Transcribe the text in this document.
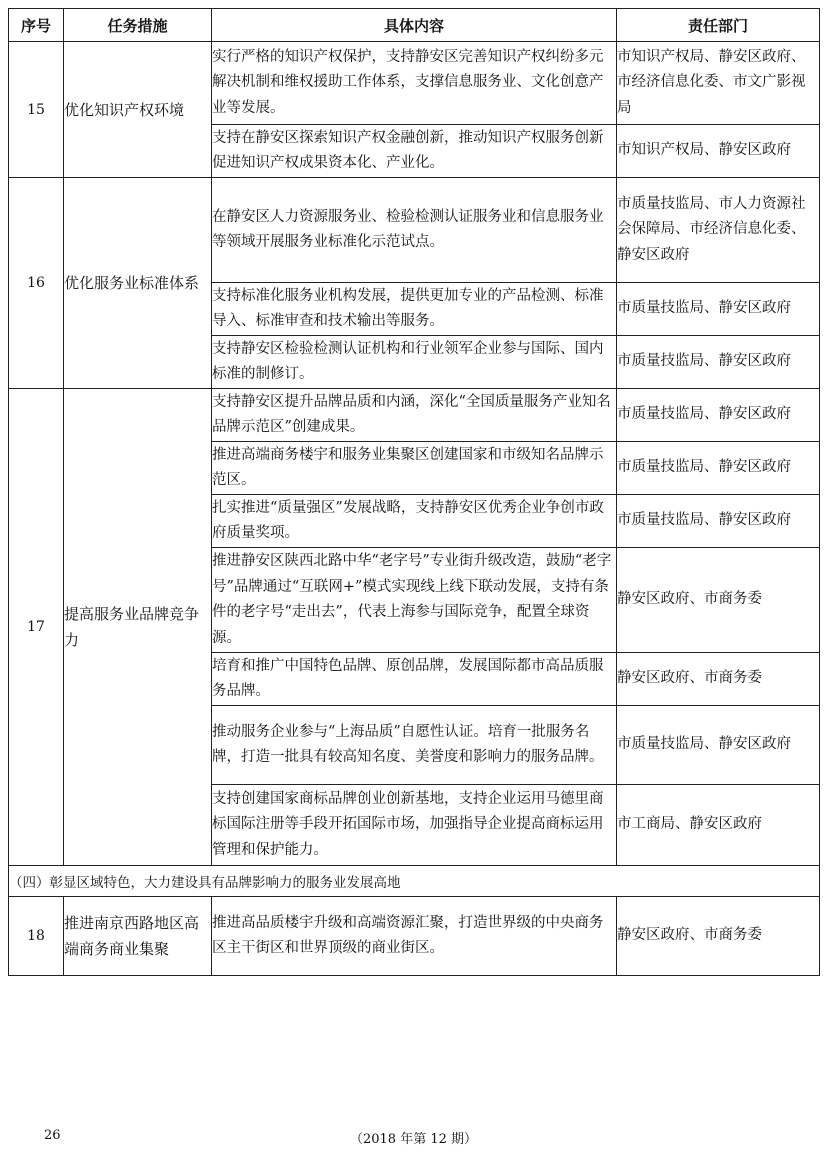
序号	任务措施	具体内容	责任部门
15	优化知识产权环境	实行严格的知识产权保护，支持静安区完善知识产权纠纷多元解决机制和维权援助工作体系，支撑信息服务业、文化创意产业等发展。	市知识产权局、静安区政府、市经济信息化委、市文广影视局
		支持在静安区探索知识产权金融创新，推动知识产权服务创新促进知识产权成果资本化、产业化。	市知识产权局、静安区政府
16	优化服务业标准体系	在静安区人力资源服务业、检验检测认证服务业和信息服务业等领域开展服务业标准化示范试点。	市质量技监局、市人力资源社会保障局、市经济信息化委、静安区政府
		支持标准化服务业机构发展，提供更加专业的产品检测、标准导入、标准审查和技术输出等服务。	市质量技监局、静安区政府
		支持静安区检验检测认证机构和行业领军企业参与国际、国内标准的制修订。	市质量技监局、静安区政府
17	提高服务业品牌竞争力	支持静安区提升品牌品质和内涵，深化“全国质量服务产业知名品牌示范区”创建成果。	市质量技监局、静安区政府
		推进高端商务楼宇和服务业集聚区创建国家和市级知名品牌示范区。	市质量技监局、静安区政府
		扎实推进“质量强区”发展战略，支持静安区优秀企业争创市政府质量奖项。	市质量技监局、静安区政府
		推进静安区陕西北路中华“老字号”专业街升级改造，鼓励“老字号”品牌通过“互联网+”模式实现线上线下联动发展，支持有条件的老字号“走出去”，代表上海参与国际竞争，配置全球资源。	静安区政府、市商务委
		培育和推广中国特色品牌、原创品牌，发展国际都市高品质服务品牌。	静安区政府、市商务委
		推动服务企业参与“上海品质”自愿性认证。培育一批服务名牌，打造一批具有较高知名度、美誉度和影响力的服务品牌。	市质量技监局、静安区政府
		支持创建国家商标品牌创业创新基地，支持企业运用马德里商标国际注册等手段开拓国际市场，加强指导企业提高商标运用管理和保护能力。	市工商局、静安区政府
（四）彰显区域特色，大力建设具有品牌影响力的服务业发展高地			
18	推进南京西路地区高端商务商业集聚	推进高品质楼宇升级和高端资源汇聚，打造世界级的中央商务区主干街区和世界顶级的商业街区。	静安区政府、市商务委
26	（2018 年第 12 期）
